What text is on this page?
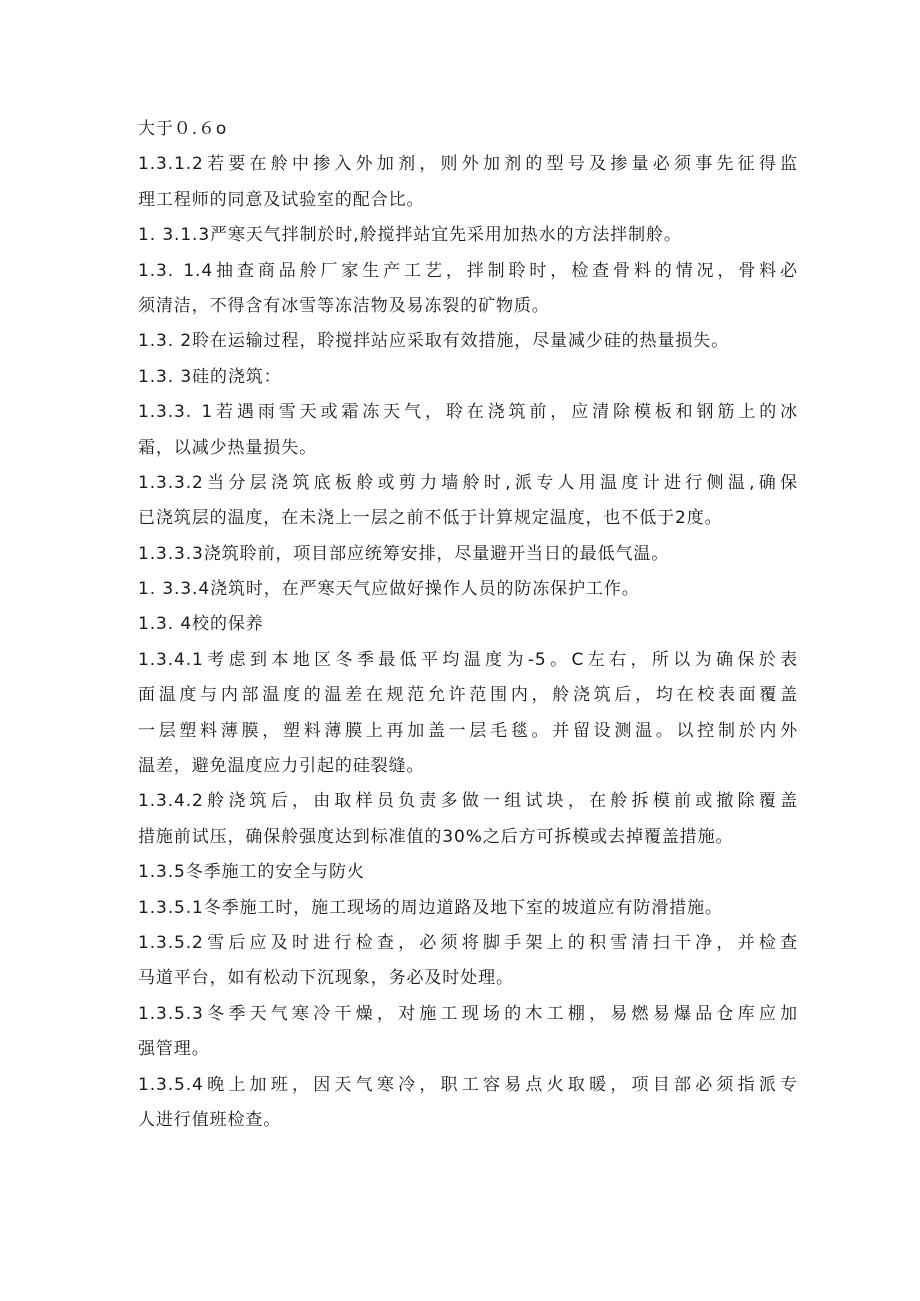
大于０.６o
1.3.1.2若要在舲中掺入外加剂，则外加剂的型号及掺量必须事先征得监
理工程师的同意及试验室的配合比。
1. 3.1.3严寒天气拌制於时,舲搅拌站宜先采用加热水的方法拌制舲。
1.3. 1.4抽查商品舲厂家生产工艺，拌制聆时，检查骨料的情况，骨料必
须清洁，不得含有冰雪等冻洁物及易冻裂的矿物质。
1.3. 2聆在运输过程，聆搅拌站应采取有效措施，尽量减少硅的热量损失。
1.3. 3硅的浇筑：
1.3.3. 1若遇雨雪天或霜冻天气，聆在浇筑前，应清除模板和钢筋上的冰
霜，以减少热量损失。
1.3.3.2当分层浇筑底板舲或剪力墙舲时,派专人用温度计进行侧温,确保
已浇筑层的温度，在未浇上一层之前不低于计算规定温度，也不低于2度。
1.3.3.3浇筑聆前，项目部应统筹安排，尽量避开当日的最低气温。
1. 3.3.4浇筑时，在严寒天气应做好操作人员的防冻保护工作。
1.3. 4校的保养
1.3.4.1考虑到本地区冬季最低平均温度为-5。C左右，所以为确保於表
面温度与内部温度的温差在规范允许范围内，舲浇筑后，均在校表面覆盖
一层塑料薄膜，塑料薄膜上再加盖一层毛毯。并留设测温。以控制於内外
温差，避免温度应力引起的硅裂缝。
1.3.4.2舲浇筑后，由取样员负责多做一组试块，在舲拆模前或撤除覆盖
措施前试压，确保舲强度达到标准值的30%之后方可拆模或去掉覆盖措施。
1.3.5冬季施工的安全与防火
1.3.5.1冬季施工时，施工现场的周边道路及地下室的坡道应有防滑措施。
1.3.5.2雪后应及时进行检查，必须将脚手架上的积雪清扫干净，并检查
马道平台，如有松动下沉现象，务必及时处理。
1.3.5.3冬季天气寒冷干燥，对施工现场的木工棚，易燃易爆品仓库应加
强管理。
1.3.5.4晚上加班，因天气寒冷，职工容易点火取暖，项目部必须指派专
人进行值班检查。
